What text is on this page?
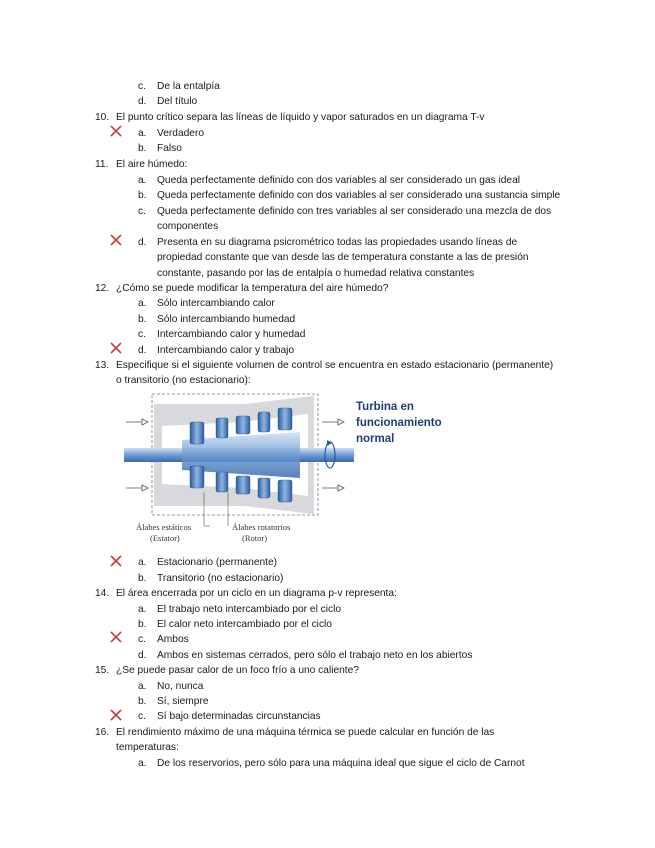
c. De la entalpía
d. Del título
10. El punto crítico separa las líneas de líquido y vapor saturados en un diagrama T-v
a. Verdadero
b. Falso
11. El aire húmedo:
a. Queda perfectamente definido con dos variables al ser considerado un gas ideal
b. Queda perfectamente definido con dos variables al ser considerado una sustancia simple
c. Queda perfectamente definido con tres variables al ser considerado una mezcla de dos
componentes
d. Presenta en su diagrama psicrométrico todas las propiedades usando líneas de
propiedad constante que van desde las de temperatura constante a las de presión
constante, pasando por las de entalpía o humedad relativa constantes
12. ¿Cómo se puede modificar la temperatura del aire húmedo?
a. Sólo intercambiando calor
b. Sólo intercambiando humedad
c. Intercambiando calor y humedad
d. Intercambiando calor y trabajo
13. Especifique si el siguiente volumen de control se encuentra en estado estacionario (permanente)
o transitorio (no estacionario):
Turbina en
funcionamiento
normal
Álabes estáticos
(Estator)
Álabes rotatorios
(Rotor)
a. Estacionario (permanente)
b. Transitorio (no estacionario)
14. El área encerrada por un ciclo en un diagrama p-v representa:
a. El trabajo neto intercambiado por el ciclo
b. El calor neto intercambiado por el ciclo
c. Ambos
d. Ambos en sistemas cerrados, pero sólo el trabajo neto en los abiertos
15. ¿Se puede pasar calor de un foco frío a uno caliente?
a. No, nunca
b. Sí, siempre
c. Sí bajo determinadas circunstancias
16. El rendimiento máximo de una máquina térmica se puede calcular en función de las
temperaturas:
a. De los reservorios, pero sólo para una máquina ideal que sigue el ciclo de Carnot
